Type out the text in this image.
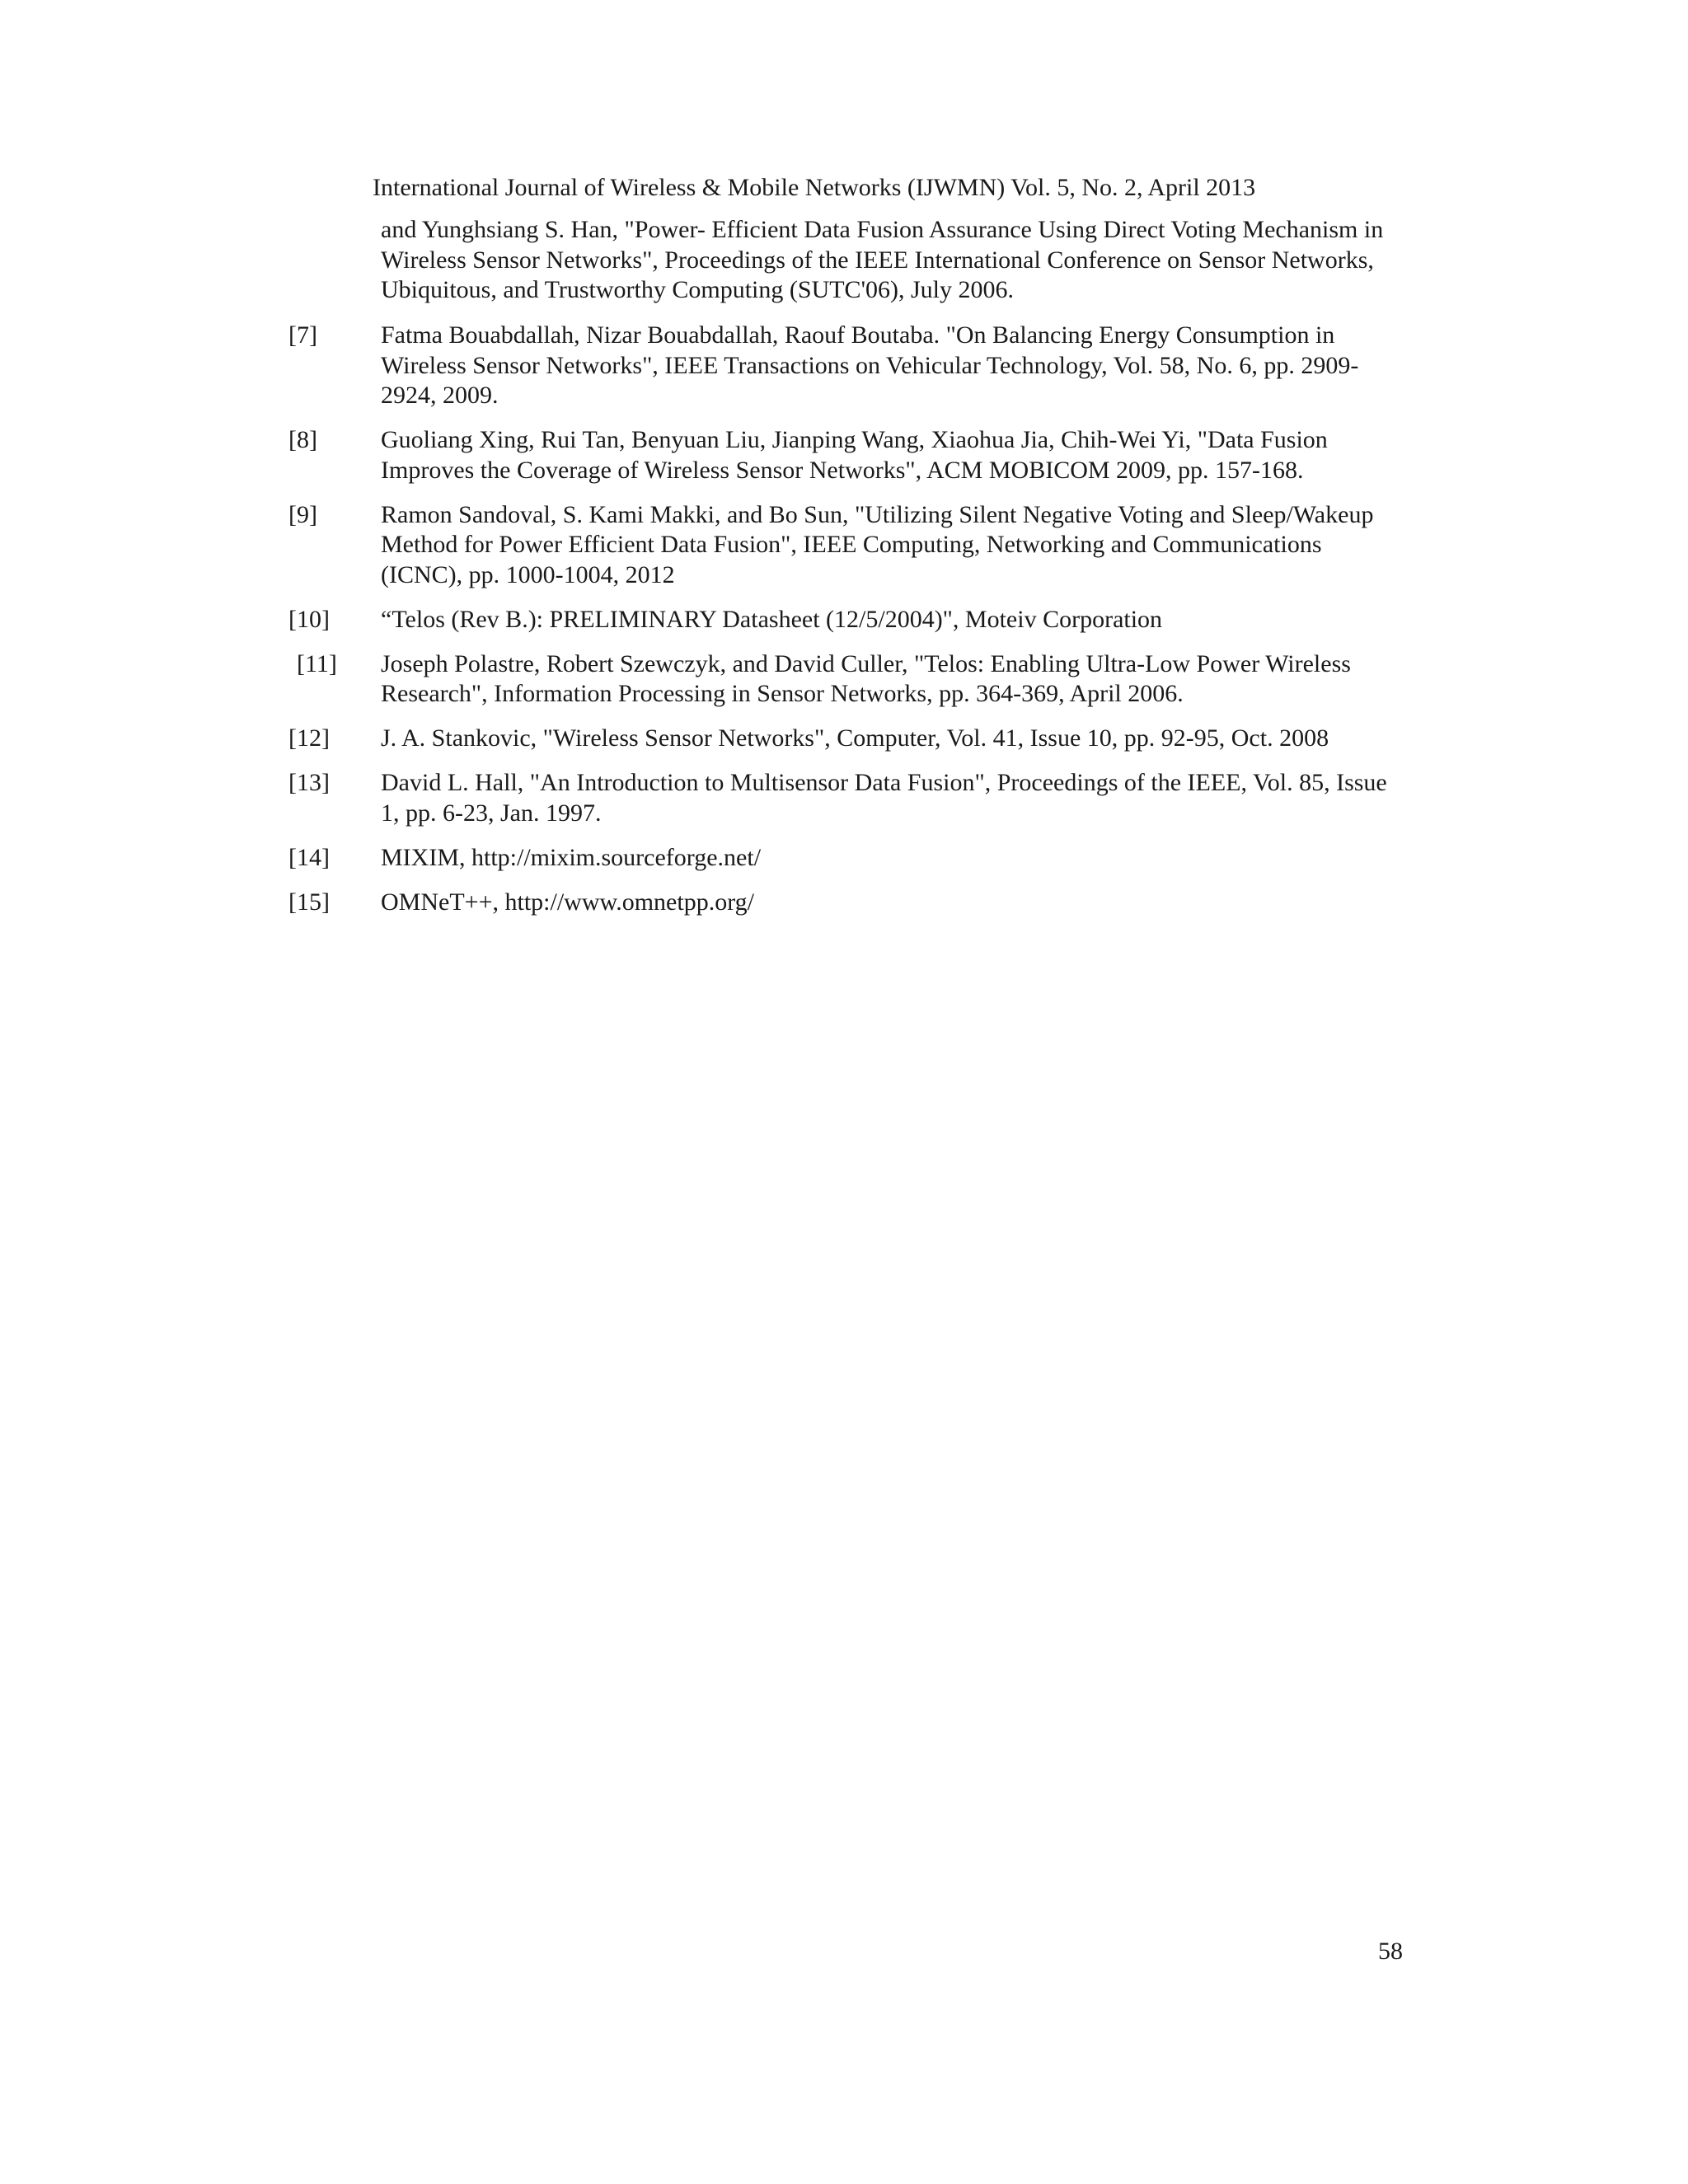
International Journal of Wireless & Mobile Networks (IJWMN) Vol. 5, No. 2, April 2013
and Yunghsiang S. Han, "Power- Efficient Data Fusion Assurance Using Direct Voting Mechanism in Wireless Sensor Networks", Proceedings of the IEEE International Conference on Sensor Networks, Ubiquitous, and Trustworthy Computing (SUTC'06), July 2006.
[7]	Fatma Bouabdallah, Nizar Bouabdallah, Raouf Boutaba. "On Balancing Energy Consumption in Wireless Sensor Networks", IEEE Transactions on Vehicular Technology, Vol. 58, No. 6, pp. 2909-2924, 2009.
[8]	Guoliang Xing, Rui Tan, Benyuan Liu, Jianping Wang, Xiaohua Jia, Chih-Wei Yi, "Data Fusion Improves the Coverage of Wireless Sensor Networks", ACM MOBICOM 2009, pp. 157-168.
[9]	Ramon Sandoval, S. Kami Makki, and Bo Sun, "Utilizing Silent Negative Voting and Sleep/Wakeup Method for Power Efficient Data Fusion", IEEE Computing, Networking and Communications (ICNC), pp. 1000-1004, 2012
[10] “Telos (Rev B.): PRELIMINARY Datasheet (12/5/2004)", Moteiv Corporation
[11] Joseph Polastre, Robert Szewczyk, and David Culler, "Telos: Enabling Ultra-Low Power Wireless Research", Information Processing in Sensor Networks, pp. 364-369, April 2006.
[12] J. A. Stankovic, "Wireless Sensor Networks", Computer, Vol. 41, Issue 10, pp. 92-95, Oct. 2008
[13] David L. Hall, "An Introduction to Multisensor Data Fusion", Proceedings of the IEEE, Vol. 85, Issue 1, pp. 6-23, Jan. 1997.
[14] MIXIM, http://mixim.sourceforge.net/
[15] OMNeT++, http://www.omnetpp.org/
58
